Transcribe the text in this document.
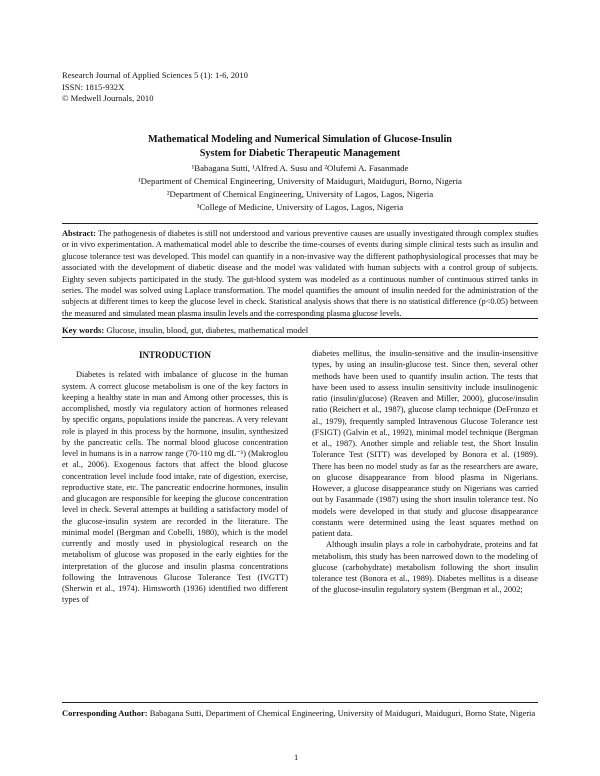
Research Journal of Applied Sciences 5 (1): 1-6, 2010
ISSN: 1815-932X
© Medwell Journals, 2010
Mathematical Modeling and Numerical Simulation of Glucose-Insulin
System for Diabetic Therapeutic Management
¹Babagana Sutti, ¹Alfred A. Susu and ²Olufemi A. Fasanmade
¹Department of Chemical Engineering, University of Maiduguri, Maiduguri, Borno, Nigeria
²Department of Chemical Engineering, University of Lagos, Lagos, Nigeria
³College of Medicine, University of Lagos, Lagos, Nigeria
Abstract: The pathogenesis of diabetes is still not understood and various preventive causes are usually investigated through complex studies or in vivo experimentation. A mathematical model able to describe the time-courses of events during simple clinical tests such as insulin and glucose tolerance test was developed. This model can quantify in a non-invasive way the different pathophysiological processes that may be associated with the development of diabetic disease and the model was validated with human subjects with a control group of subjects. Eighty seven subjects participated in the study. The gut-blood system was modeled as a continuous number of continuous stirred tanks in series. The model was solved using Laplace transformation. The model quantifies the amount of insulin needed for the administration of the subjects at different times to keep the glucose level in check. Statistical analysis shows that there is no statistical difference (p<0.05) between the measured and simulated mean plasma insulin levels and the corresponding plasma glucose levels.
Key words: Glucose, insulin, blood, gut, diabetes, mathematical model
INTRODUCTION

Diabetes is related with imbalance of glucose in the human system. A correct glucose metabolism is one of the key factors in keeping a healthy state in man and Among other processes, this is accomplished, mostly via regulatory action of hormones released by specific organs, populations inside the pancreas. A very relevant role is played in this process by the hormone, insulin, synthesized by the pancreatic cells. The normal blood glucose concentration level in humans is in a narrow range (70-110 mg dL⁻¹) (Makroglou et al., 2006). Exogenous factors that affect the blood glucose concentration level include food intake, rate of digestion, exercise, reproductive state, etc. The pancreatic endocrine hormones, insulin and glucagon are responsible for keeping the glucose concentration level in check. Several attempts at building a satisfactory model of the glucose-insulin system are recorded in the literature. The minimal model (Bergman and Cobelli, 1980), which is the model currently and mostly used in physiological research on the metabolism of glucose was proposed in the early eighties for the interpretation of the glucose and insulin plasma concentrations following the Intravenous Glucose Tolerance Test (IVGTT) (Sherwin et al., 1974). Himsworth (1936) identified two different types of

diabetes mellitus, the insulin-sensitive and the insulin-insensitive types, by using an insulin-glucose test. Since then, several other methods have been used to quantify insulin action. The tests that have been used to assess insulin sensitivity include insulinogenic ratio (insulin/glucose) (Reaven and Miller, 2000), glucose/insulin ratio (Reichert et al., 1987), glucose clamp technique (DeFronzo et al., 1979), frequently sampled Intravenous Glucose Tolerance test (FSIGT) (Galvin et al., 1992), minimal model technique (Bergman et al., 1987). Another simple and reliable test, the Short Insulin Tolerance Test (SITT) was developed by Bonora et al. (1989). There has been no model study as far as the researchers are aware, on glucose disappearance from blood plasma in Nigerians. However, a glucose disappearance study on Nigerians was carried out by Fasanmade (1987) using the short insulin tolerance test. No models were developed in that study and glucose disappearance constants were determined using the least squares method on patient data.

Although insulin plays a role in carbohydrate, proteins and fat metabolism, this study has been narrowed down to the modeling of glucose (carbohydrate) metabolism following the short insulin tolerance test (Bonora et al., 1989). Diabetes mellitus is a disease of the glucose-insulin regulatory system (Bergman et al., 2002;

Corresponding Author: Babagana Sutti, Department of Chemical Engineering, University of Maiduguri, Maiduguri, Borno State, Nigeria
1
